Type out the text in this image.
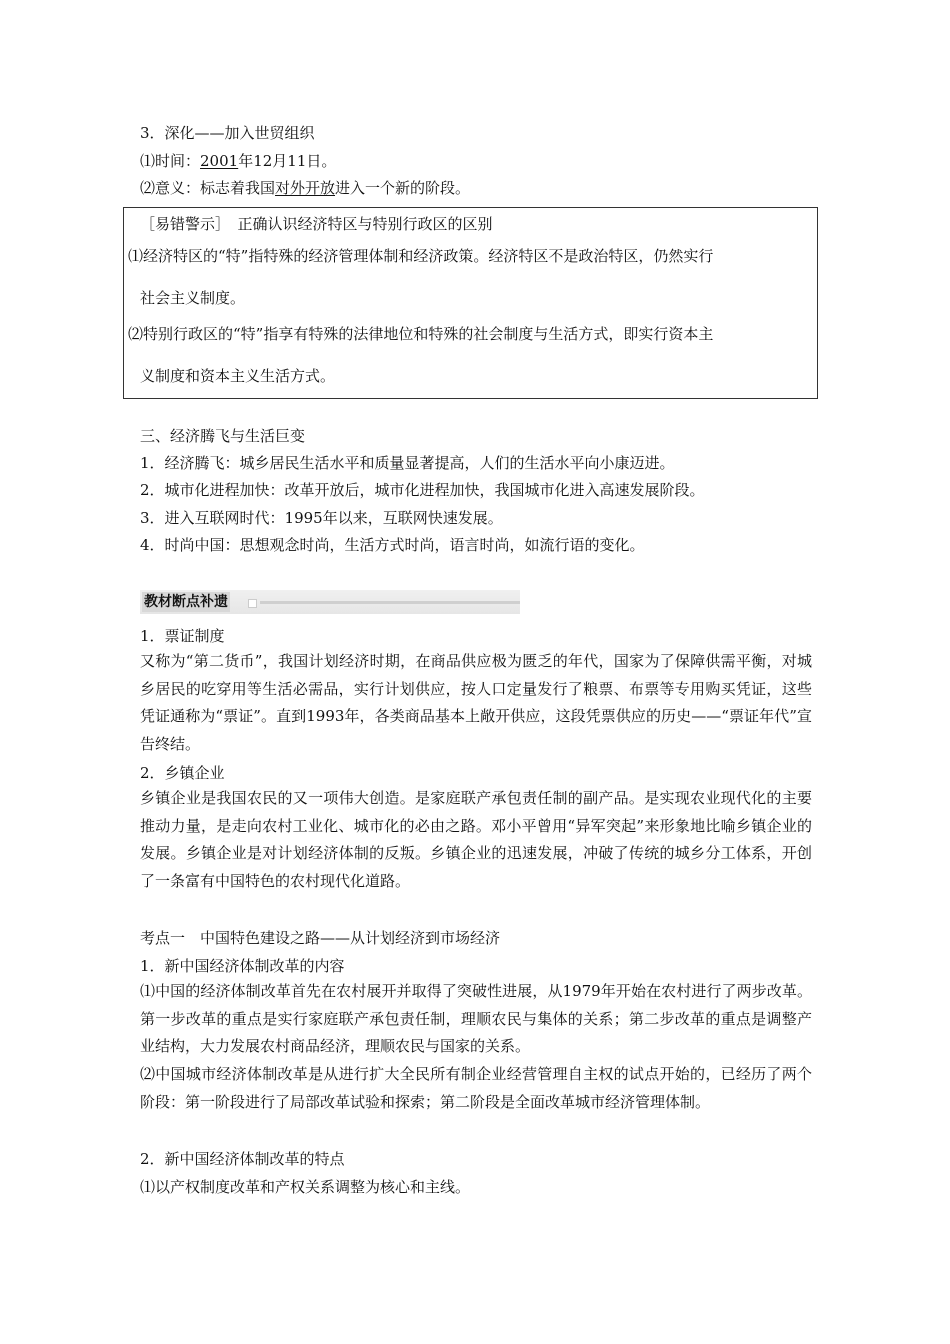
3．深化——加入世贸组织
⑴时间：2001年12月11日。
⑵意义：标志着我国对外开放进入一个新的阶段。
［易错警示］　正确认识经济特区与特别行政区的区别
⑴经济特区的“特”指特殊的经济管理体制和经济政策。经济特区不是政治特区，仍然实行
社会主义制度。
⑵特别行政区的“特”指享有特殊的法律地位和特殊的社会制度与生活方式，即实行资本主
义制度和资本主义生活方式。
三、经济腾飞与生活巨变
1．经济腾飞：城乡居民生活水平和质量显著提高，人们的生活水平向小康迈进。
2．城市化进程加快：改革开放后，城市化进程加快，我国城市化进入高速发展阶段。
3．进入互联网时代：1995年以来，互联网快速发展。
4．时尚中国：思想观念时尚，生活方式时尚，语言时尚，如流行语的变化。
教材断点补遗
1．票证制度
又称为“第二货币”，我国计划经济时期，在商品供应极为匮乏的年代，国家为了保障供需平衡，对城乡居民的吃穿用等生活必需品，实行计划供应，按人口定量发行了粮票、布票等专用购买凭证，这些凭证通称为“票证”。直到1993年，各类商品基本上敞开供应，这段凭票供应的历史——“票证年代”宣告终结。
2．乡镇企业
乡镇企业是我国农民的又一项伟大创造。是家庭联产承包责任制的副产品。是实现农业现代化的主要推动力量，是走向农村工业化、城市化的必由之路。邓小平曾用“异军突起”来形象地比喻乡镇企业的发展。乡镇企业是对计划经济体制的反叛。乡镇企业的迅速发展，冲破了传统的城乡分工体系，开创了一条富有中国特色的农村现代化道路。
考点一　中国特色建设之路——从计划经济到市场经济
1．新中国经济体制改革的内容
⑴中国的经济体制改革首先在农村展开并取得了突破性进展，从1979年开始在农村进行了两步改革。第一步改革的重点是实行家庭联产承包责任制，理顺农民与集体的关系；第二步改革的重点是调整产业结构，大力发展农村商品经济，理顺农民与国家的关系。
⑵中国城市经济体制改革是从进行扩大全民所有制企业经营管理自主权的试点开始的，已经历了两个阶段：第一阶段进行了局部改革试验和探索；第二阶段是全面改革城市经济管理体制。
2．新中国经济体制改革的特点
⑴以产权制度改革和产权关系调整为核心和主线。
